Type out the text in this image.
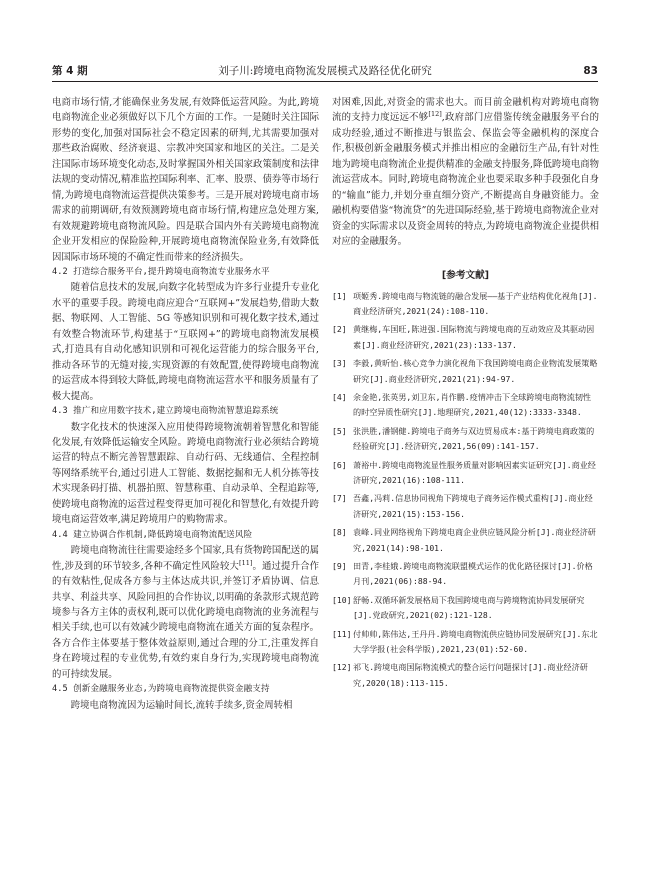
第 4 期	刘子川:跨境电商物流发展模式及路径优化研究	83

电商市场行情,才能确保业务发展,有效降低运营风险。为此,跨境电商物流企业必须做好以下几个方面的工作。一是随时关注国际形势的变化,加强对国际社会不稳定因素的研判,尤其需要加强对那些政治腐败、经济衰退、宗教冲突国家和地区的关注。二是关注国际市场环境变化动态,及时掌握国外相关国家政策制度和法律法规的变动情况,精准监控国际利率、汇率、股票、债券等市场行情,为跨境电商物流运营提供决策参考。三是开展对跨境电商市场需求的前期调研,有效预测跨境电商市场行情,构建应急处理方案,有效规避跨境电商物流风险。四是联合国内外有关跨境电商物流企业开发相应的保险险种,开展跨境电商物流保险业务,有效降低因国际市场环境的不确定性而带来的经济损失。

4.2 打造综合服务平台,提升跨境电商物流专业服务水平

随着信息技术的发展,向数字化转型成为许多行业提升专业化水平的重要手段。跨境电商应迎合“互联网+”发展趋势,借助大数据、物联网、人工智能、5G 等感知识别和可视化数字技术,通过有效整合物流环节,构建基于“互联网+”的跨境电商物流发展模式,打造具有自动化感知识别和可视化运营能力的综合服务平台,推动各环节的无缝对接,实现资源的有效配置,使得跨境电商物流的运营成本得到较大降低,跨境电商物流运营水平和服务质量有了极大提高。

4.3 推广和应用数字技术,建立跨境电商物流智慧追踪系统

数字化技术的快速深入应用使得跨境物流朝着智慧化和智能化发展,有效降低运输安全风险。跨境电商物流行业必须结合跨境运营的特点不断完善智慧跟踪、自动行码、无线通信、全程控制等网络系统平台,通过引进人工智能、数据挖掘和无人机分拣等技术实现条码打描、机器拍照、智慧称重、自动录单、全程追踪等,使跨境电商物流的运营过程变得更加可视化和智慧化,有效提升跨境电商运营效率,满足跨境用户的购物需求。

4.4 建立协调合作机制,降低跨境电商物流配送风险

跨境电商物流往往需要途经多个国家,具有货物跨国配送的属性,涉及到的环节较多,各种不确定性风险较大[11]。通过提升合作的有效粘性,促成各方参与主体达成共识,并签订矛盾协调、信息共享、利益共享、风险同担的合作协议,以明确的条款形式规范跨境参与各方主体的责权利,既可以优化跨境电商物流的业务流程与相关手续,也可以有效减少跨境电商物流在通关方面的复杂程序。各方合作主体要基于整体效益原则,通过合理的分工,注重发挥自身在跨境过程的专业优势,有效约束自身行为,实现跨境电商物流的可持续发展。

4.5 创新金融服务业态,为跨境电商物流提供资金融支持

跨境电商物流因为运输时间长,流转手续多,资金周转相

对困难,因此,对资金的需求也大。而目前金融机构对跨境电商物流的支持力度远远不够[12],政府部门应借鉴传统金融服务平台的成功经验,通过不断推进与银监会、保监会等金融机构的深度合作,积极创新金融服务模式并推出相应的金融衍生产品,有针对性地为跨境电商物流企业提供精准的金融支持服务,降低跨境电商物流运营成本。同时,跨境电商物流企业也要采取多种手段强化自身的“输血”能力,并划分垂直细分资产,不断提高自身融资能力。金融机构要借鉴“物流贷”的先进国际经验,基于跨境电商物流企业对资金的实际需求以及资金周转的特点,为跨境电商物流企业提供相对应的金融服务。

[参考文献]
[1] 项姬秀.跨境电商与物流链的融合发展——基于产业结构优化视角[J].商业经济研究,2021(24):108-110.
[2] 黄继梅,车国旺,陈进强.国际物流与跨境电商的互动效应及其驱动因素[J].商业经济研究,2021(23):133-137.
[3] 李毅,黄昕怡.核心竞争力演化视角下我国跨境电商企业物流发展策略研究[J].商业经济研究,2021(21):94-97.
[4] 余金艳,张英男,刘卫东,肖作鹏.疫情冲击下全球跨境电商物流韧性的时空异质性研究[J].地理研究,2021,40(12):3333-3348.
[5] 张洪胜,潘钢健.跨境电子商务与双边贸易成本:基于跨境电商政策的经验研究[J].经济研究,2021,56(09):141-157.
[6] 萧裕中.跨境电商物流显性服务质量对影响因素实证研究[J].商业经济研究,2021(16):108-111.
[7] 吾鑫,冯莉.信息协同视角下跨境电子商务运作模式重构[J].商业经济研究,2021(15):153-156.
[8] 袁峰.同业网络视角下跨境电商企业供应链风险分析[J].商业经济研究,2021(14):98-101.
[9] 田青,李桂娥.跨境电商物流联盟模式运作的优化路径探讨[J].价格月刊,2021(06):88-94.
[10] 舒畅.双循环新发展格局下我国跨境电商与跨境物流协同发展研究[J].党政研究,2021(02):121-128.
[11] 付帅帅,陈伟达,王丹丹.跨境电商物流供应链协同发展研究[J].东北大学学报(社会科学版),2021,23(01):52-60.
[12] 祁飞.跨境电商国际物流模式的整合运行问题探讨[J].商业经济研究,2020(18):113-115.
